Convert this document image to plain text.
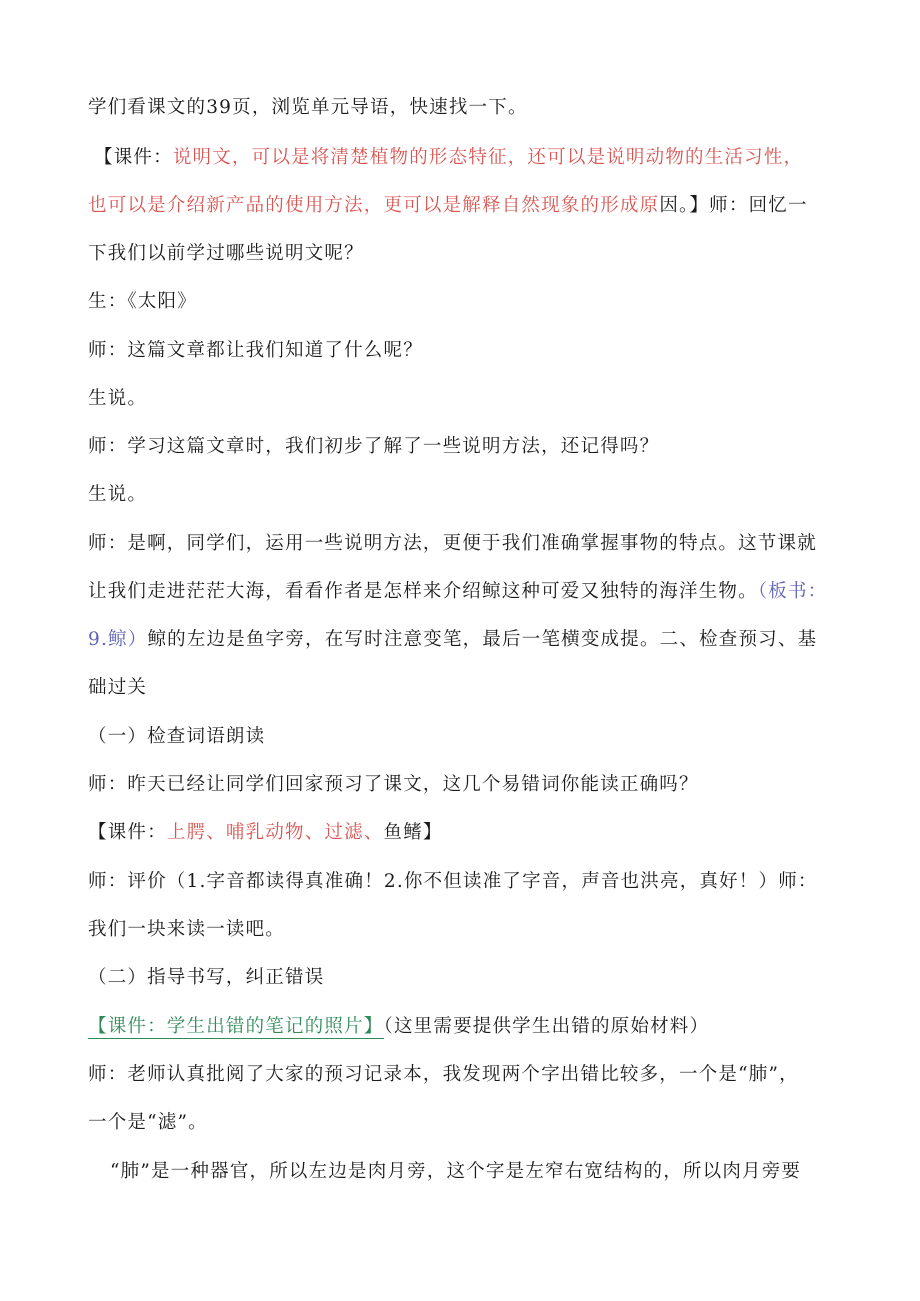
学们看课文的39页，浏览单元导语，快速找一下。
【课件：说明文，可以是将清楚植物的形态特征，还可以是说明动物的生活习性，
也可以是介绍新产品的使用方法，更可以是解释自然现象的形成原因。】师：回忆一
下我们以前学过哪些说明文呢？
生：《太阳》
师：这篇文章都让我们知道了什么呢？
生说。
师：学习这篇文章时，我们初步了解了一些说明方法，还记得吗？
生说。
师：是啊，同学们，运用一些说明方法，更便于我们准确掌握事物的特点。这节课就
让我们走进茫茫大海，看看作者是怎样来介绍鲸这种可爱又独特的海洋生物。（板书：
9.鲸）鲸的左边是鱼字旁，在写时注意变笔，最后一笔横变成提。二、检查预习、基
础过关
（一）检查词语朗读
师：昨天已经让同学们回家预习了课文，这几个易错词你能读正确吗？
【课件：上腭、哺乳动物、过滤、鱼鳍】
师：评价（1.字音都读得真准确！2.你不但读准了字音，声音也洪亮，真好！）师：
我们一块来读一读吧。
（二）指导书写，纠正错误
【课件：学生出错的笔记的照片】（这里需要提供学生出错的原始材料）
师：老师认真批阅了大家的预习记录本，我发现两个字出错比较多，一个是“肺”，
一个是“滤”。
“肺”是一种器官，所以左边是肉月旁，这个字是左窄右宽结构的，所以肉月旁要
